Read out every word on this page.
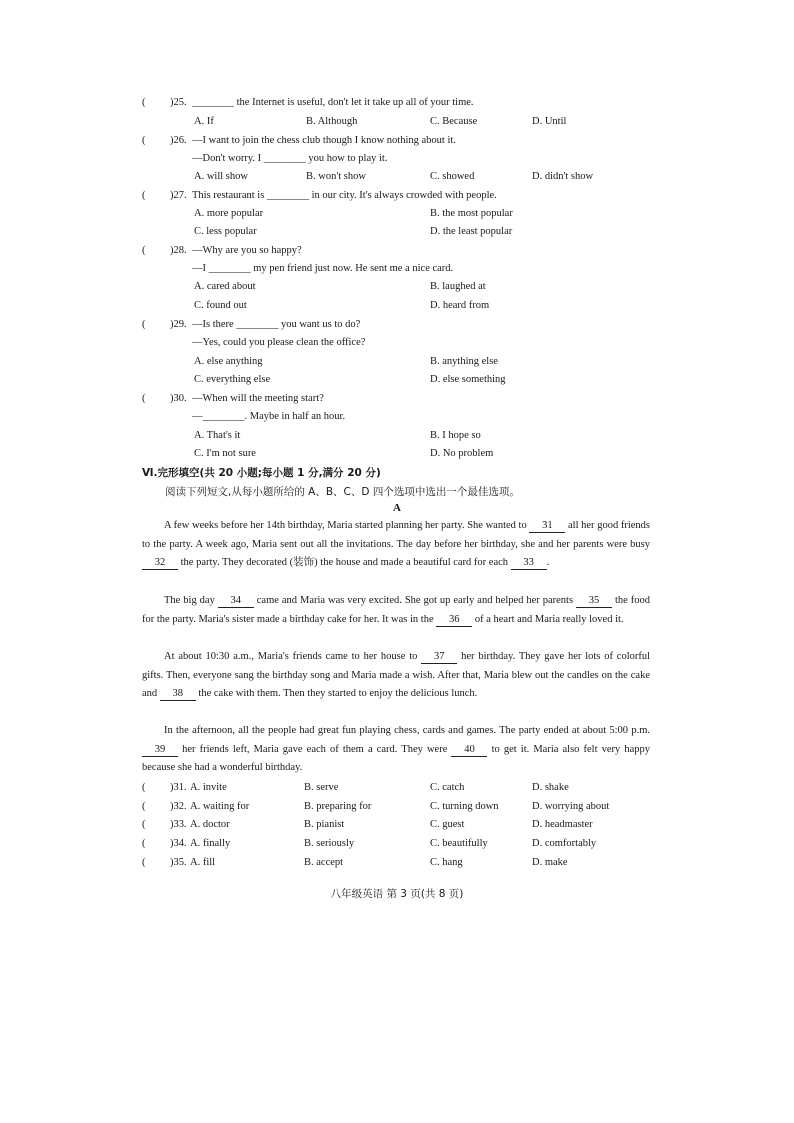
( )25. ________ the Internet is useful, don't let it take up all of your time.
A. If	B. Although	C. Because	D. Until
( )26. —I want to join the chess club though I know nothing about it.
—Don't worry. I ________ you how to play it.
A. will show	B. won't show	C. showed	D. didn't show
( )27. This restaurant is ________ in our city. It's always crowded with people.
A. more popular	B. the most popular
C. less popular	D. the least popular
( )28. —Why are you so happy?
—I ________ my pen friend just now. He sent me a nice card.
A. cared about	B. laughed at
C. found out	D. heard from
( )29. —Is there ________ you want us to do?
—Yes, could you please clean the office?
A. else anything	B. anything else
C. everything else	D. else something
( )30. —When will the meeting start?
—________. Maybe in half an hour.
A. That's it	B. I hope so
C. I'm not sure	D. No problem
Ⅵ.完形填空(共 20 小题;每小题 1 分,满分 20 分)
阅读下列短文,从每小题所给的 A、B、C、D 四个选项中选出一个最佳选项。
A
A few weeks before her 14th birthday, Maria started planning her party. She wanted to 31 all her good friends to the party. A week ago, Maria sent out all the invitations. The day before her birthday, she and her parents were busy 32 the party. They decorated (装饰) the house and made a beautiful card for each 33 .
The big day 34 came and Maria was very excited. She got up early and helped her parents 35 the food for the party. Maria's sister made a birthday cake for her. It was in the 36 of a heart and Maria really loved it.
At about 10:30 a.m., Maria's friends came to her house to 37 her birthday. They gave her lots of colorful gifts. Then, everyone sang the birthday song and Maria made a wish. After that, Maria blew out the candles on the cake and 38 the cake with them. Then they started to enjoy the delicious lunch.
In the afternoon, all the people had great fun playing chess, cards and games. The party ended at about 5:00 p.m. 39 her friends left, Maria gave each of them a card. They were 40 to get it. Maria also felt very happy because she had a wonderful birthday.
( )31. A. invite	B. serve	C. catch	D. shake
( )32. A. waiting for	B. preparing for	C. turning down	D. worrying about
( )33. A. doctor	B. pianist	C. guest	D. headmaster
( )34. A. finally	B. seriously	C. beautifully	D. comfortably
( )35. A. fill	B. accept	C. hang	D. make
八年级英语 第 3 页(共 8 页)
